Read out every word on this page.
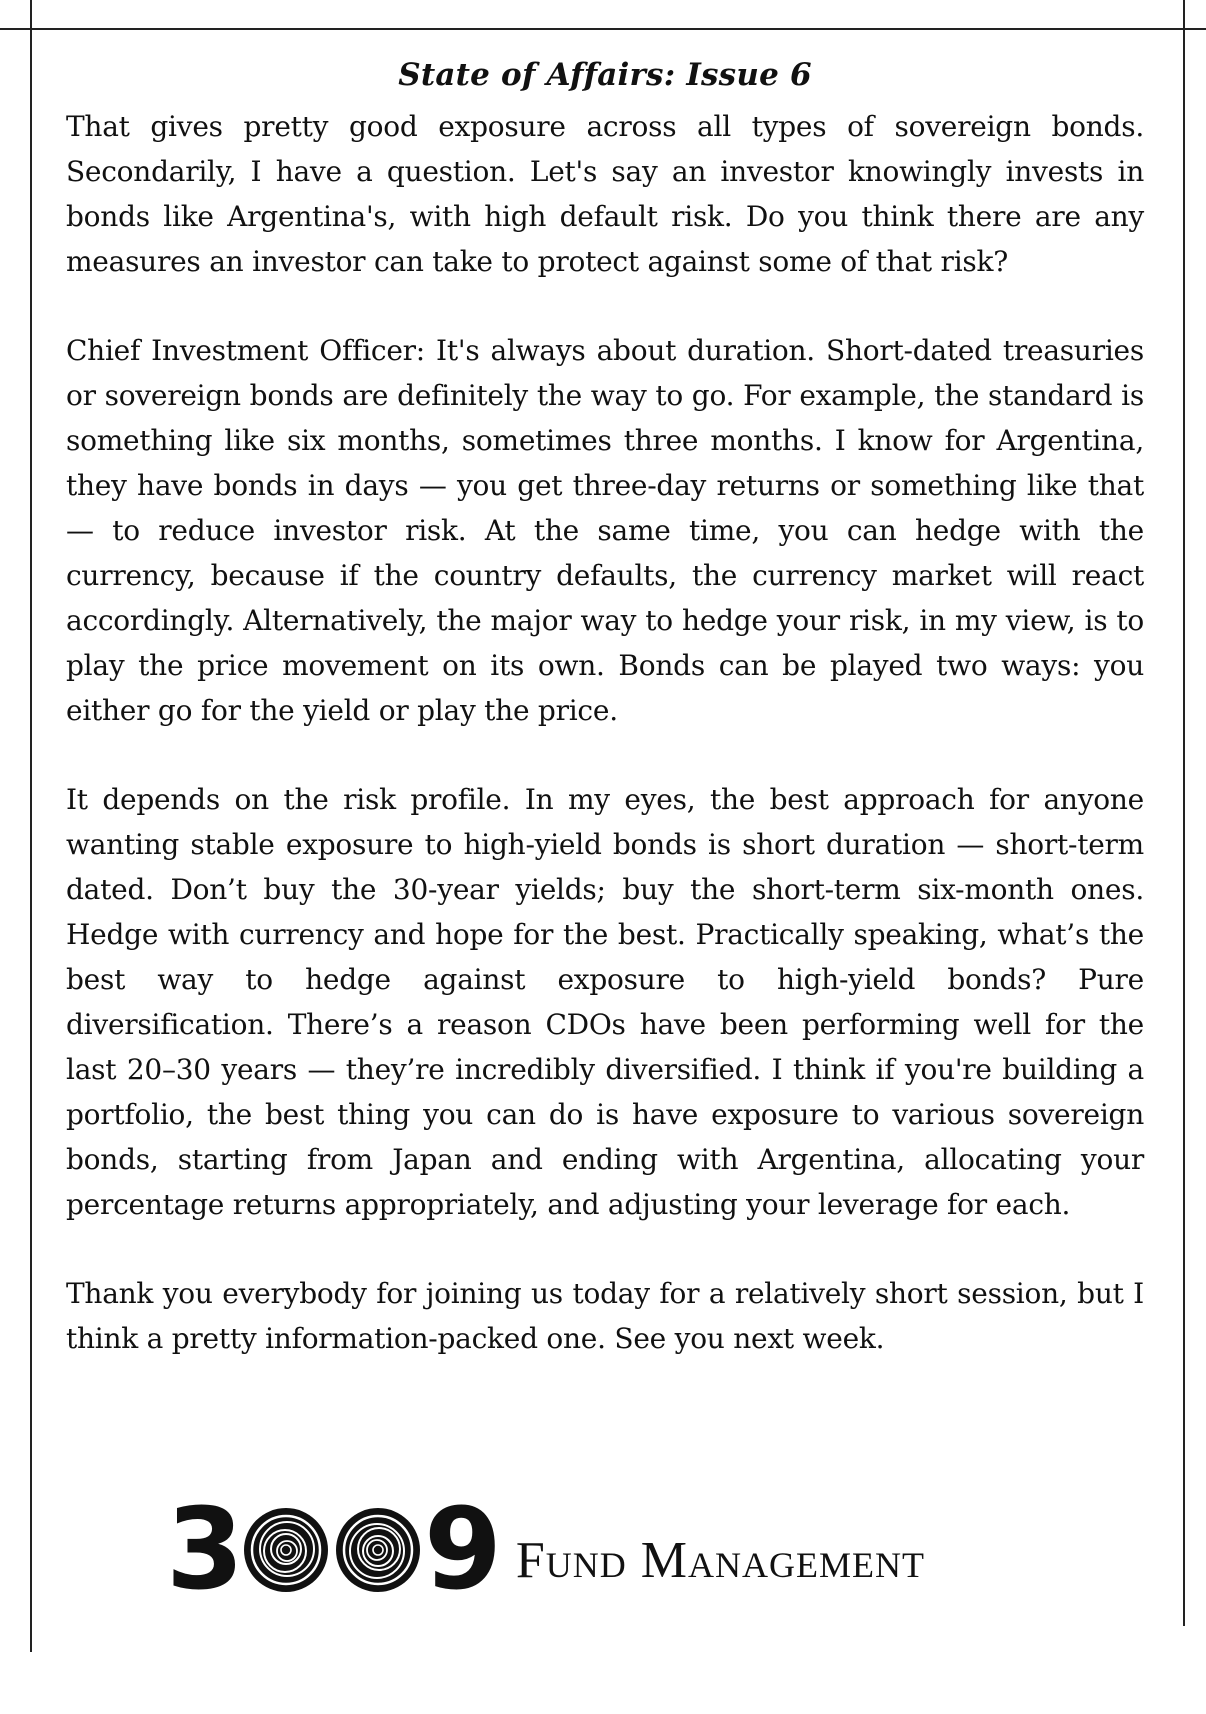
State of Affairs: Issue 6

That gives pretty good exposure across all types of sovereign bonds. Secondarily, I have a question. Let's say an investor knowingly invests in bonds like Argentina's, with high default risk. Do you think there are any measures an investor can take to protect against some of that risk?

Chief Investment Officer: It's always about duration. Short-dated treasuries or sovereign bonds are definitely the way to go. For example, the standard is something like six months, sometimes three months. I know for Argentina, they have bonds in days — you get three-day returns or something like that — to reduce investor risk. At the same time, you can hedge with the currency, because if the country defaults, the currency market will react accordingly. Alternatively, the major way to hedge your risk, in my view, is to play the price movement on its own. Bonds can be played two ways: you either go for the yield or play the price.

It depends on the risk profile. In my eyes, the best approach for anyone wanting stable exposure to high-yield bonds is short duration — short-term dated. Don’t buy the 30-year yields; buy the short-term six-month ones. Hedge with currency and hope for the best. Practically speaking, what’s the best way to hedge against exposure to high-yield bonds? Pure diversification. There’s a reason CDOs have been performing well for the last 20–30 years — they’re incredibly diversified. I think if you're building a portfolio, the best thing you can do is have exposure to various sovereign bonds, starting from Japan and ending with Argentina, allocating your percentage returns appropriately, and adjusting your leverage for each.

Thank you everybody for joining us today for a relatively short session, but I think a pretty information-packed one. See you next week.

3 9 Fund Management
